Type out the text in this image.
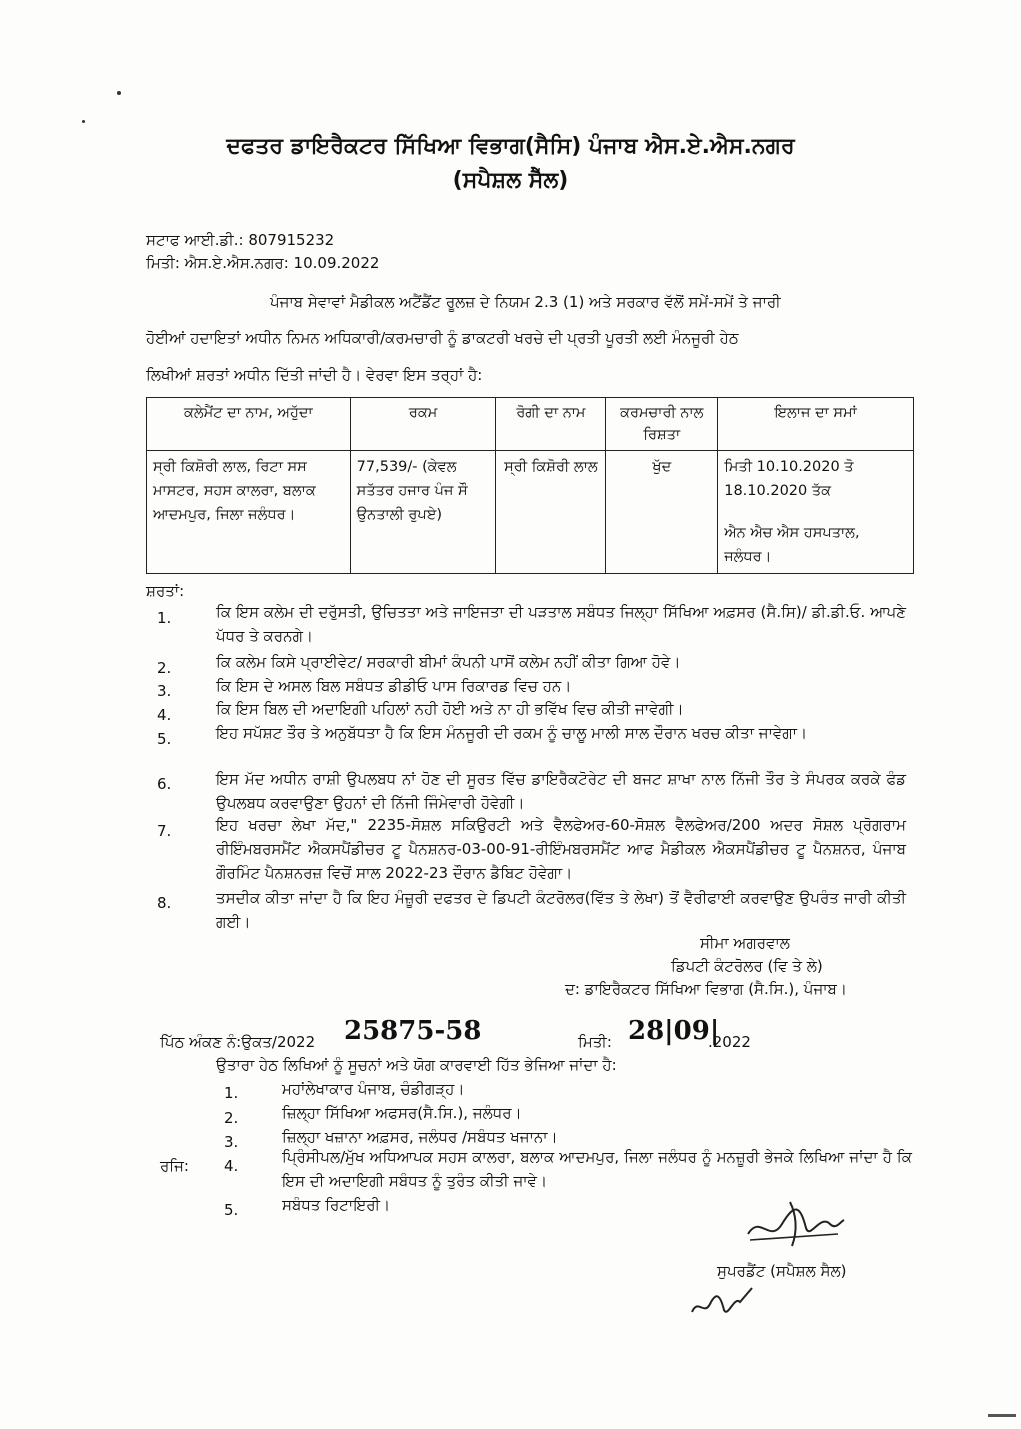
ਦਫਤਰ ਡਾਇਰੈਕਟਰ ਸਿੱਖਿਆ ਵਿਭਾਗ(ਸੈਸਿ) ਪੰਜਾਬ ਐਸ.ਏ.ਐਸ.ਨਗਰ
(ਸਪੈਸ਼ਲ ਸੈੱਲ)
ਸਟਾਫ ਆਈ.ਡੀ.: 807915232
ਮਿਤੀ: ਐਸ.ਏ.ਐਸ.ਨਗਰ: 10.09.2022
ਪੰਜਾਬ ਸੇਵਾਵਾਂ ਮੈਡੀਕਲ ਅਟੈਂਡੈਂਟ ਰੂਲਜ਼ ਦੇ ਨਿਯਮ 2.3 (1) ਅਤੇ ਸਰਕਾਰ ਵੱਲੋਂ ਸਮੇਂ-ਸਮੇਂ ਤੇ ਜਾਰੀ
ਹੋਈਆਂ ਹਦਾਇਤਾਂ ਅਧੀਨ ਨਿਮਨ ਅਧਿਕਾਰੀ/ਕਰਮਚਾਰੀ ਨੂੰ ਡਾਕਟਰੀ ਖਰਚੇ ਦੀ ਪ੍ਰਤੀ ਪੂਰਤੀ ਲਈ ਮੰਨਜੂਰੀ ਹੇਠ
ਲਿਖੀਆਂ ਸ਼ਰਤਾਂ ਅਧੀਨ ਦਿੱਤੀ ਜਾਂਦੀ ਹੈ। ਵੇਰਵਾ ਇਸ ਤਰ੍ਹਾਂ ਹੈ:
ਕਲੇਮੈਂਟ ਦਾ ਨਾਮ, ਅਹੁੱਦਾ	ਰਕਮ	ਰੋਗੀ ਦਾ ਨਾਮ	ਕਰਮਚਾਰੀ ਨਾਲ ਰਿਸ਼ਤਾ	ਇਲਾਜ ਦਾ ਸਮਾਂ
ਸ੍ਰੀ ਕਿਸ਼ੋਰੀ ਲਾਲ, ਰਿਟਾ ਸਸ ਮਾਸਟਰ, ਸਹਸ ਕਾਲਰਾ, ਬਲਾਕ ਆਦਮਪੁਰ, ਜਿਲਾ ਜਲੰਧਰ।	77,539/- (ਕੇਵਲ ਸਤੱਤਰ ਹਜਾਰ ਪੰਜ ਸੌ ਉਨਤਾਲੀ ਰੁਪਏ)	ਸ੍ਰੀ ਕਿਸ਼ੋਰੀ ਲਾਲ	ਖੁੱਦ	ਮਿਤੀ 10.10.2020 ਤੋ 18.10.2020 ਤੱਕ
ਐਨ ਐਚ ਐਸ ਹਸਪਤਾਲ, ਜਲੰਧਰ।
ਸ਼ਰਤਾਂ:
1.	ਕਿ ਇਸ ਕਲੇਮ ਦੀ ਦਰੁੱਸਤੀ, ਉਚਿਤਤਾ ਅਤੇ ਜਾਇਜਤਾ ਦੀ ਪੜਤਾਲ ਸਬੰਧਤ ਜਿਲ੍ਹਾ ਸਿੱਖਿਆ ਅਫ਼ਸਰ (ਸੈ.ਸਿ)/ ਡੀ.ਡੀ.ਓ. ਆਪਣੇ ਪੱਧਰ ਤੇ ਕਰਨਗੇ।
2.	ਕਿ ਕਲੇਮ ਕਿਸੇ ਪ੍ਰਾਈਵੇਟ/ ਸਰਕਾਰੀ ਬੀਮਾਂ ਕੰਪਨੀ ਪਾਸੋਂ ਕਲੇਮ ਨਹੀਂ ਕੀਤਾ ਗਿਆ ਹੋਵੇ।
3.	ਕਿ ਇਸ ਦੇ ਅਸਲ ਬਿਲ ਸਬੰਧਤ ਡੀਡੀਓ ਪਾਸ ਰਿਕਾਰਡ ਵਿਚ ਹਨ।
4.	ਕਿ ਇਸ ਬਿਲ ਦੀ ਅਦਾਇਗੀ ਪਹਿਲਾਂ ਨਹੀ ਹੋਈ ਅਤੇ ਨਾ ਹੀ ਭਵਿੱਖ ਵਿਚ ਕੀਤੀ ਜਾਵੇਗੀ।
5.	ਇਹ ਸਪੱਸ਼ਟ ਤੌਰ ਤੇ ਅਨੁਬੱਧਤਾ ਹੈ ਕਿ ਇਸ ਮੰਨਜੂਰੀ ਦੀ ਰਕਮ ਨੂੰ ਚਾਲੂ ਮਾਲੀ ਸਾਲ ਦੌਰਾਨ ਖਰਚ ਕੀਤਾ ਜਾਵੇਗਾ।
6.	ਇਸ ਮੱਦ ਅਧੀਨ ਰਾਸ਼ੀ ਉਪਲਬਧ ਨਾਂ ਹੋਣ ਦੀ ਸੂਰਤ ਵਿੱਚ ਡਾਇਰੈਕਟੋਰੇਟ ਦੀ ਬਜਟ ਸ਼ਾਖਾ ਨਾਲ ਨਿੱਜੀ ਤੌਰ ਤੇ ਸੰਪਰਕ ਕਰਕੇ ਫੰਡ ਉਪਲਬਧ ਕਰਵਾਉਣਾ ਉਹਨਾਂ ਦੀ ਨਿੱਜੀ ਜਿੰਮੇਵਾਰੀ ਹੋਵੇਗੀ।
7.	ਇਹ ਖਰਚਾ ਲੇਖਾ ਮੱਦ," 2235-ਸੋਸ਼ਲ ਸਕਿਉਰਟੀ ਅਤੇ ਵੈਲਫੇਅਰ-60-ਸੋਸ਼ਲ ਵੈਲਫੇਅਰ/200 ਅਦਰ ਸੋਸ਼ਲ ਪ੍ਰੋਗਰਾਮ ਰੀਇੰਮਬਰਸਮੈਂਟ ਐਕਸਪੈਂਡੀਚਰ ਟੂ ਪੈਨਸ਼ਨਰ-03-00-91-ਰੀਇੰਮਬਰਸਮੈਂਟ ਆਫ ਮੈਡੀਕਲ ਐਕਸਪੈਂਡੀਚਰ ਟੂ ਪੈਨਸ਼ਨਰ, ਪੰਜਾਬ ਗੌਰਮਿੰਟ ਪੈਨਸ਼ਨਰਜ਼ ਵਿਚੋਂ ਸਾਲ 2022-23 ਦੌਰਾਨ ਡੈਬਿਟ ਹੋਵੇਗਾ।
8.	ਤਸਦੀਕ ਕੀਤਾ ਜਾਂਦਾ ਹੈ ਕਿ ਇਹ ਮੰਜ਼ੂਰੀ ਦਫਤਰ ਦੇ ਡਿਪਟੀ ਕੰਟਰੋਲਰ(ਵਿੱਤ ਤੇ ਲੇਖਾ) ਤੋਂ ਵੈਰੀਫਾਈ ਕਰਵਾਉਣ ਉਪਰੰਤ ਜਾਰੀ ਕੀਤੀ ਗਈ।
ਸੀਮਾ ਅਗਰਵਾਲ
ਡਿਪਟੀ ਕੰਟਰੋਲਰ (ਵਿ ਤੇ ਲੇ)
ਦ: ਡਾਇਰੈਕਟਰ ਸਿੱਖਿਆ ਵਿਭਾਗ (ਸੈ.ਸਿ.), ਪੰਜਾਬ।
ਪਿੱਠ ਅੰਕਣ ਨੰ:ਉਕਤ/2022 25875-58	ਮਿਤੀ: 28|09|
.2022
ਉਤਾਰਾ ਹੇਠ ਲਿਖਿਆਂ ਨੂੰ ਸੂਚਨਾਂ ਅਤੇ ਯੋਗ ਕਾਰਵਾਈ ਹਿੱਤ ਭੇਜਿਆ ਜਾਂਦਾ ਹੈ:
1.	ਮਹਾਂਲੇਖਾਕਾਰ ਪੰਜਾਬ, ਚੰਡੀਗੜ੍ਹ।
2.	ਜ਼ਿਲ੍ਹਾ ਸਿੱਖਿਆ ਅਫਸਰ(ਸੈ.ਸਿ.), ਜਲੰਧਰ।
3.	ਜ਼ਿਲ੍ਹਾ ਖਜ਼ਾਨਾ ਅਫ਼ਸਰ, ਜਲੰਧਰ /ਸਬੰਧਤ ਖਜਾਨਾ।
ਰਜਿ: 4.	ਪ੍ਰਿੰਸੀਪਲ/ਮੁੱਖ ਅਧਿਆਪਕ ਸਹਸ ਕਾਲਰਾ, ਬਲਾਕ ਆਦਮਪੁਰ, ਜਿਲਾ ਜਲੰਧਰ ਨੂੰ ਮਨਜ਼ੂਰੀ ਭੇਜਕੇ ਲਿਖਿਆ ਜਾਂਦਾ ਹੈ ਕਿ ਇਸ ਦੀ ਅਦਾਇਗੀ ਸਬੰਧਤ ਨੂੰ ਤੁਰੰਤ ਕੀਤੀ ਜਾਵੇ।
5.	ਸਬੰਧਤ ਰਿਟਾਇਰੀ।
ਸੁਪਰਡੈਂਟ (ਸਪੈਸ਼ਲ ਸੈਲ)
